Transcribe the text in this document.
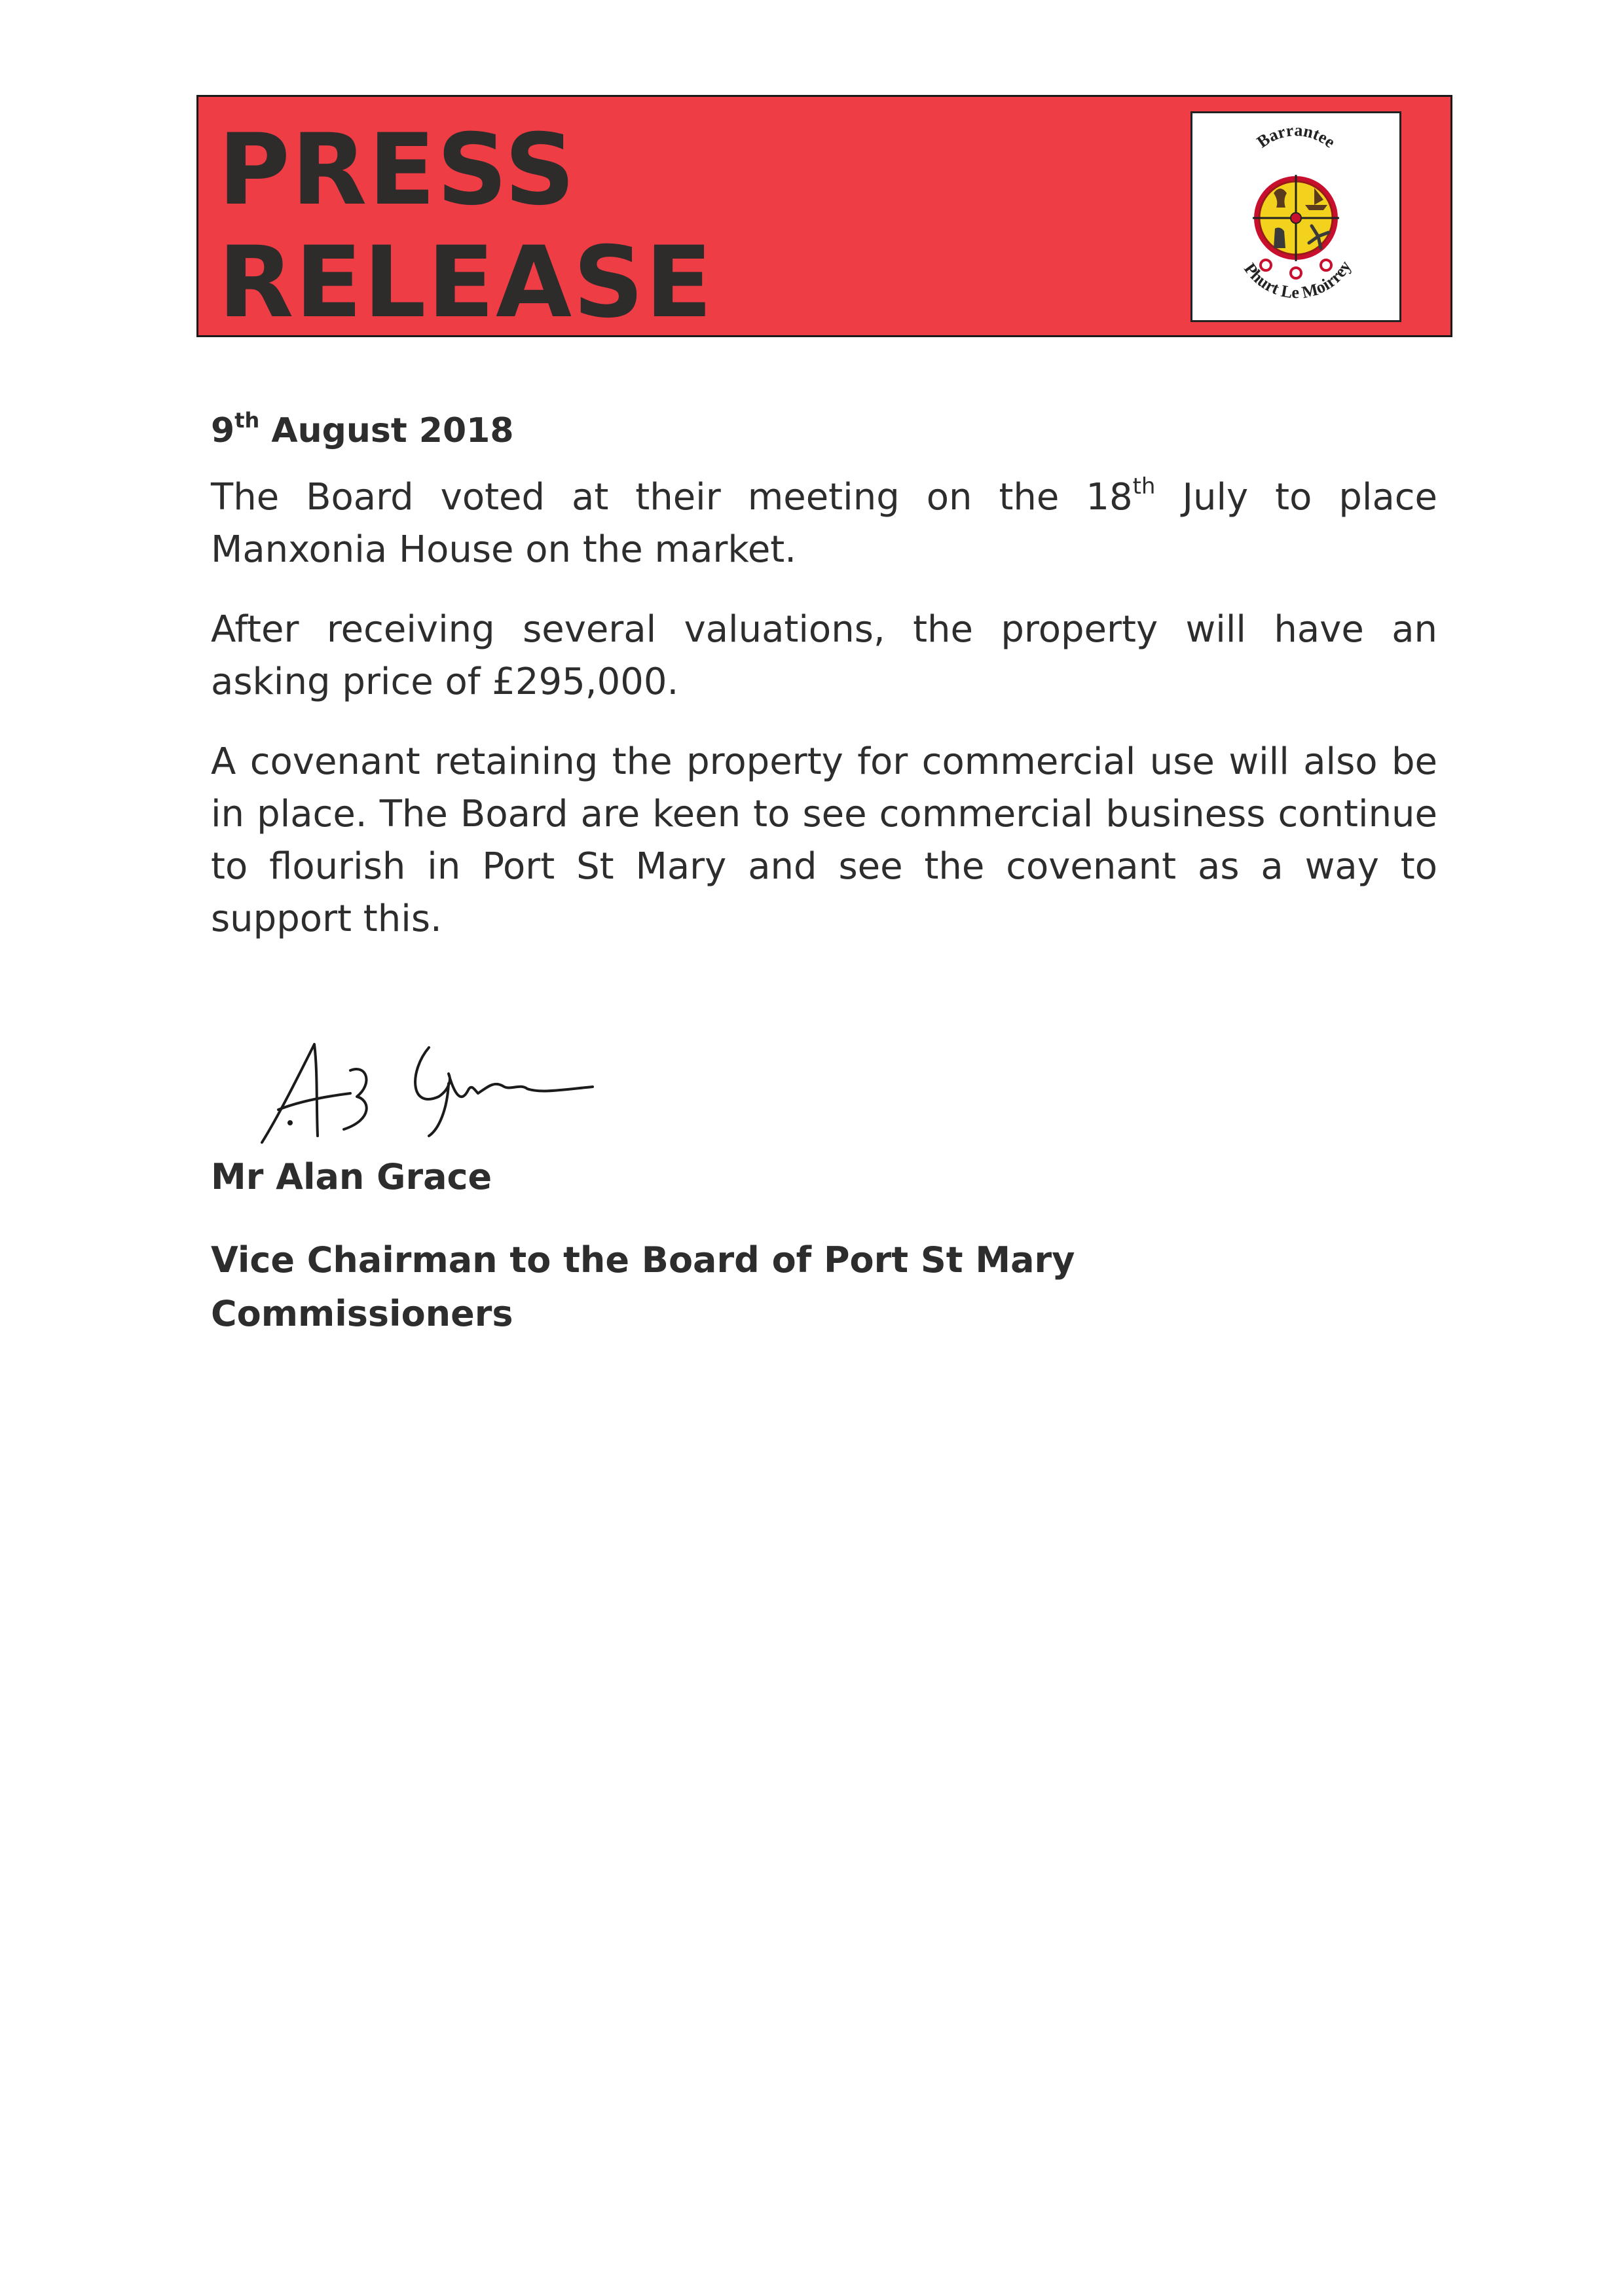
PRESS
RELEASE
Barrantee
Phurt Le Moirrey

9th August 2018

The Board voted at their meeting on the 18th July to place Manxonia House on the market.

After receiving several valuations, the property will have an asking price of £295,000.

A covenant retaining the property for commercial use will also be in place. The Board are keen to see commercial business continue to flourish in Port St Mary and see the covenant as a way to support this.

Mr Alan Grace

Vice Chairman to the Board of Port St Mary Commissioners
